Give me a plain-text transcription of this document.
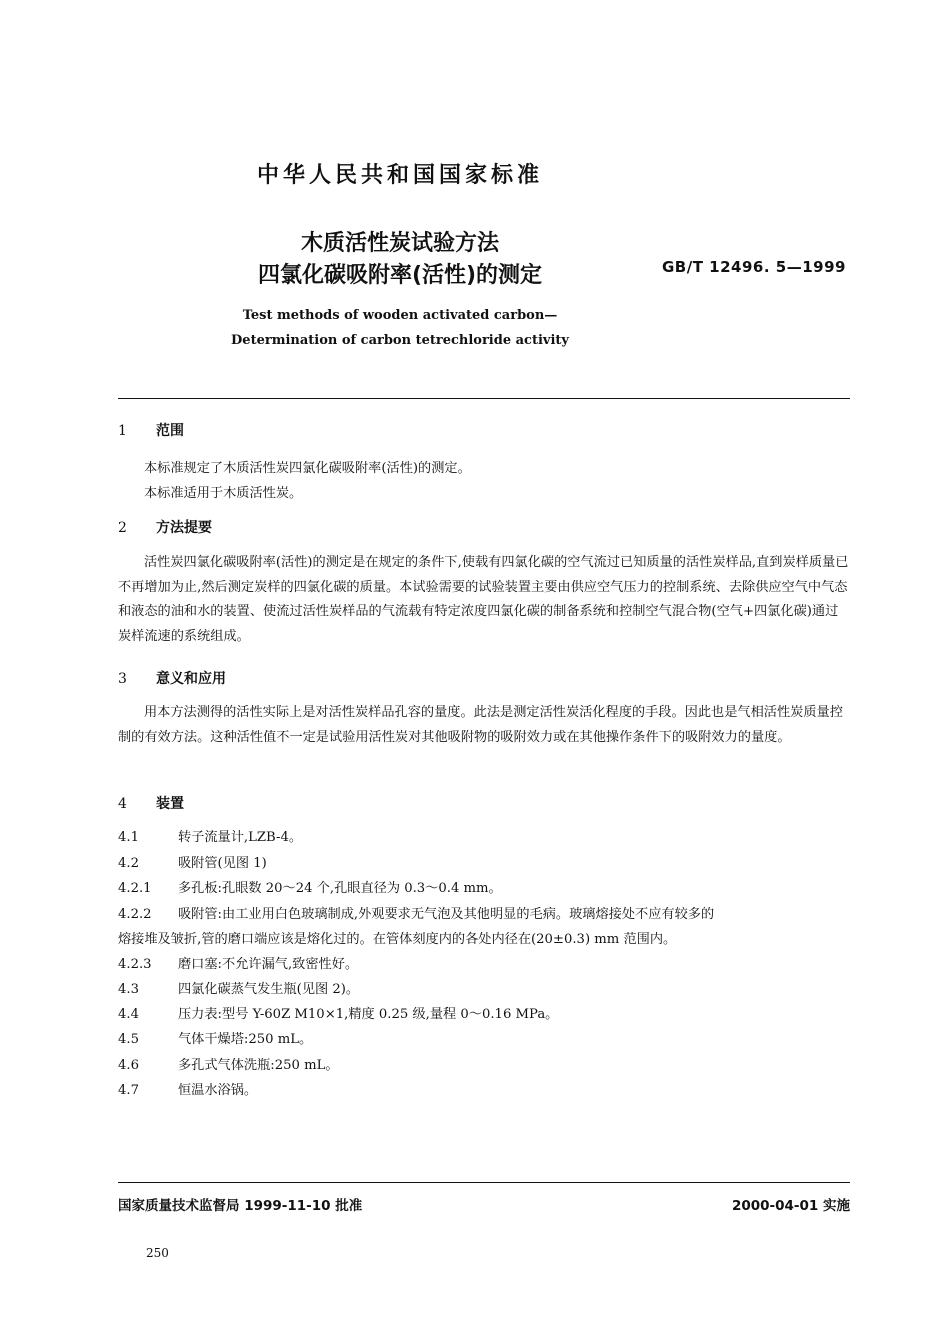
中华人民共和国国家标准
木质活性炭试验方法
四氯化碳吸附率(活性)的测定	GB/T 12496. 5—1999
Test methods of wooden activated carbon—
Determination of carbon tetrechloride activity
1 范围
本标准规定了木质活性炭四氯化碳吸附率(活性)的测定。
本标准适用于木质活性炭。
2 方法提要
活性炭四氯化碳吸附率(活性)的测定是在规定的条件下,使载有四氯化碳的空气流过已知质量的活性炭样品,直到炭样质量已不再增加为止,然后测定炭样的四氯化碳的质量。本试验需要的试验装置主要由供应空气压力的控制系统、去除供应空气中气态和液态的油和水的装置、使流过活性炭样品的气流载有特定浓度四氯化碳的制备系统和控制空气混合物(空气+四氯化碳)通过炭样流速的系统组成。
3 意义和应用
用本方法测得的活性实际上是对活性炭样品孔容的量度。此法是测定活性炭活化程度的手段。因此也是气相活性炭质量控制的有效方法。这种活性值不一定是试验用活性炭对其他吸附物的吸附效力或在其他操作条件下的吸附效力的量度。
4 装置
4.1	转子流量计,LZB-4。
4.2	吸附管(见图 1)
4.2.1 多孔板:孔眼数 20～24 个,孔眼直径为 0.3～0.4 mm。
4.2.2 吸附管:由工业用白色玻璃制成,外观要求无气泡及其他明显的毛病。玻璃熔接处不应有较多的
熔接堆及皱折,管的磨口端应该是熔化过的。在管体刻度内的各处内径在(20±0.3) mm 范围内。
4.2.3 磨口塞:不允许漏气,致密性好。
4.3	四氯化碳蒸气发生瓶(见图 2)。
4.4	压力表:型号 Y-60Z M10×1,精度 0.25 级,量程 0～0.16 MPa。
4.5	气体干燥塔:250 mL。
4.6	多孔式气体洗瓶:250 mL。
4.7	恒温水浴锅。
国家质量技术监督局 1999-11-10 批准	2000-04-01 实施
250
